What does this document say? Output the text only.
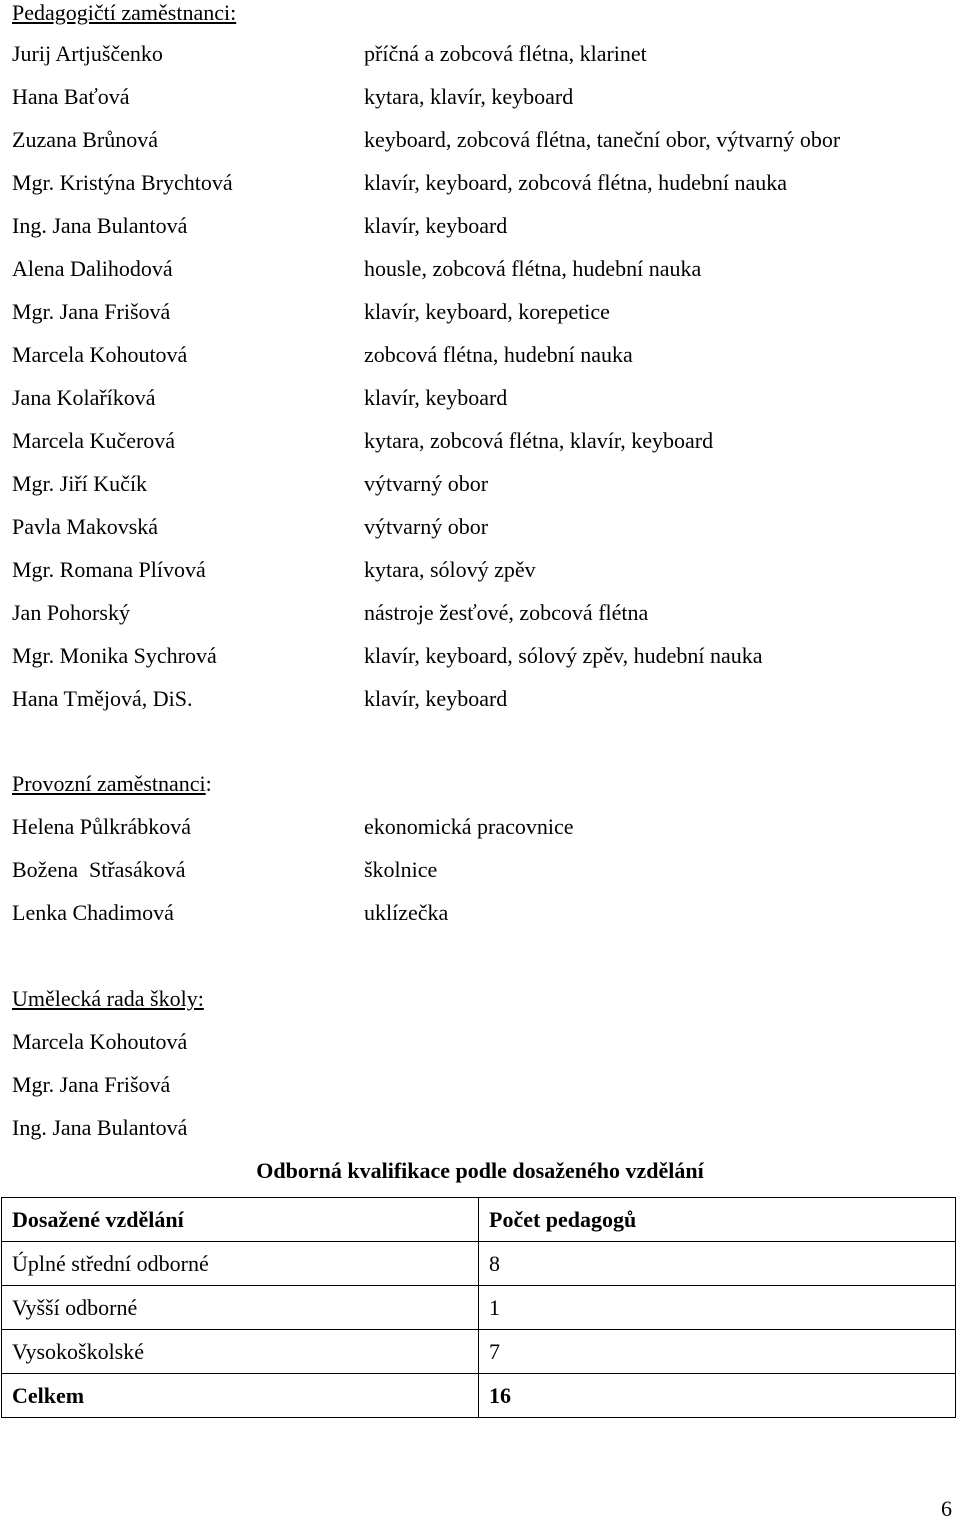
Pedagogičtí zaměstnanci:
Jurij Artjuščenko	příčná a zobcová flétna, klarinet
Hana Baťová	kytara, klavír, keyboard
Zuzana Brůnová	keyboard, zobcová flétna, taneční obor, výtvarný obor
Mgr. Kristýna Brychtová	klavír, keyboard, zobcová flétna, hudební nauka
Ing. Jana Bulantová	klavír, keyboard
Alena Dalihodová	housle, zobcová flétna, hudební nauka
Mgr. Jana Frišová	klavír, keyboard, korepetice
Marcela Kohoutová	zobcová flétna, hudební nauka
Jana Kolaříková	klavír, keyboard
Marcela Kučerová	kytara, zobcová flétna, klavír, keyboard
Mgr. Jiří Kučík	výtvarný obor
Pavla Makovská	výtvarný obor
Mgr. Romana Plívová	kytara, sólový zpěv
Jan Pohorský	nástroje žesťové, zobcová flétna
Mgr. Monika Sychrová	klavír, keyboard, sólový zpěv, hudební nauka
Hana Tmějová, DiS.	klavír, keyboard
Provozní zaměstnanci:
Helena Půlkrábková	ekonomická pracovnice
Božena  Střasáková	školnice
Lenka Chadimová	uklízečka
Umělecká rada školy:
Marcela Kohoutová
Mgr. Jana Frišová
Ing. Jana Bulantová
Odborná kvalifikace podle dosaženého vzdělání
Dosažené vzdělání	Počet pedagogů
Úplné střední odborné	8
Vyšší odborné	1
Vysokoškolské	7
Celkem	16
6
